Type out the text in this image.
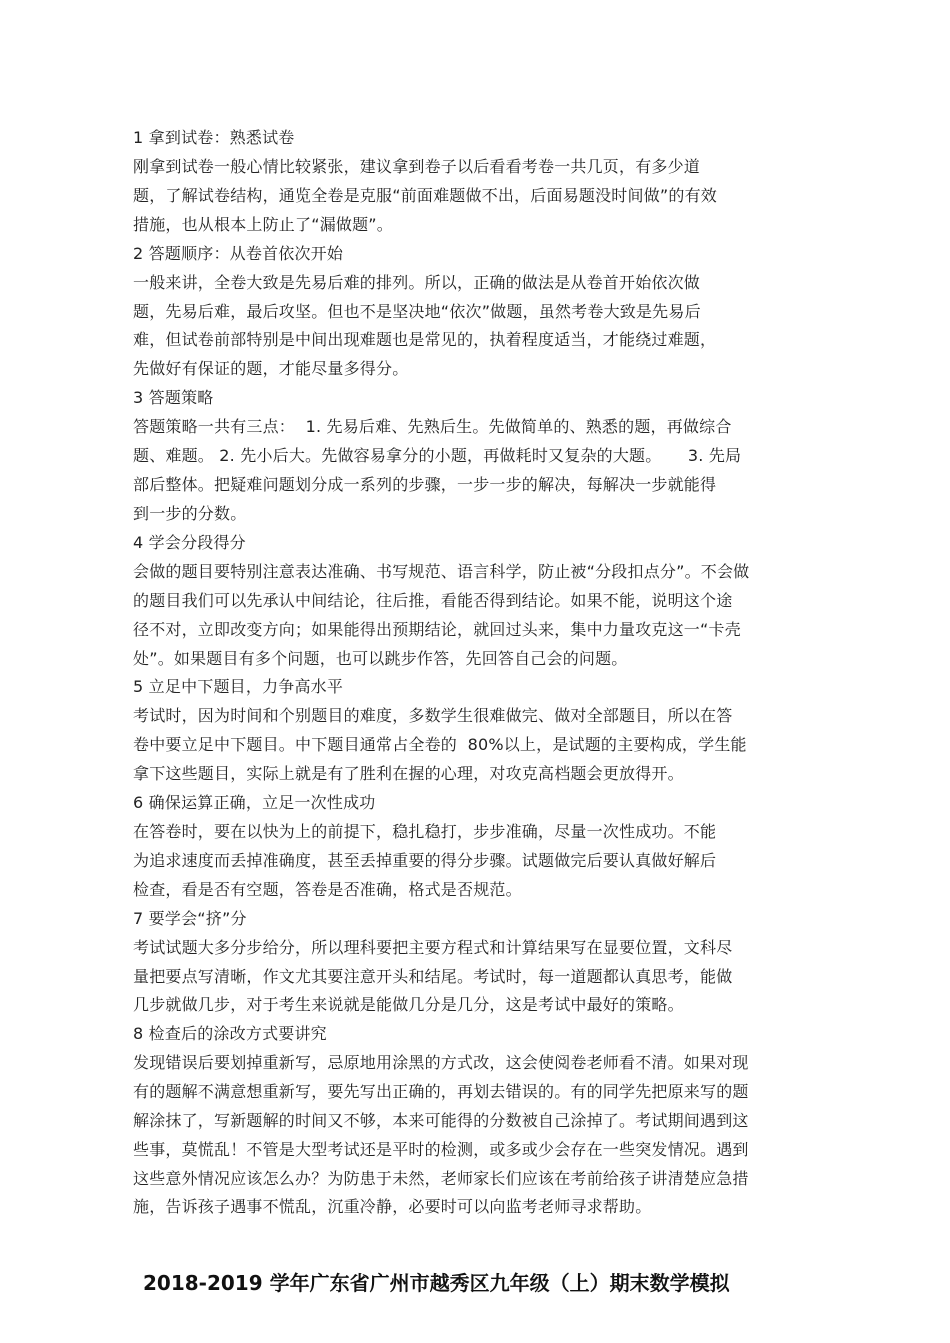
1 拿到试卷：熟悉试卷
刚拿到试卷一般心情比较紧张，建议拿到卷子以后看看考卷一共几页，有多少道
题，了解试卷结构，通览全卷是克服“前面难题做不出，后面易题没时间做”的有效
措施，也从根本上防止了“漏做题”。
2 答题顺序：从卷首依次开始
一般来讲，全卷大致是先易后难的排列。所以，正确的做法是从卷首开始依次做
题，先易后难，最后攻坚。但也不是坚决地“依次”做题，虽然考卷大致是先易后
难，但试卷前部特别是中间出现难题也是常见的，执着程度适当，才能绕过难题，
先做好有保证的题，才能尽量多得分。
3 答题策略
答题策略一共有三点：  1. 先易后难、先熟后生。先做简单的、熟悉的题，再做综合
题、难题。 2. 先小后大。先做容易拿分的小题，再做耗时又复杂的大题。     3. 先局
部后整体。把疑难问题划分成一系列的步骤，一步一步的解决，每解决一步就能得
到一步的分数。
4 学会分段得分
会做的题目要特别注意表达准确、书写规范、语言科学，防止被“分段扣点分”。不会做
的题目我们可以先承认中间结论，往后推，看能否得到结论。如果不能，说明这个途
径不对，立即改变方向；如果能得出预期结论，就回过头来，集中力量攻克这一“卡壳
处”。如果题目有多个问题，也可以跳步作答，先回答自己会的问题。
5 立足中下题目，力争高水平
考试时，因为时间和个别题目的难度，多数学生很难做完、做对全部题目，所以在答
卷中要立足中下题目。中下题目通常占全卷的  80%以上，是试题的主要构成，学生能
拿下这些题目，实际上就是有了胜利在握的心理，对攻克高档题会更放得开。
6 确保运算正确，立足一次性成功
在答卷时，要在以快为上的前提下，稳扎稳打，步步准确，尽量一次性成功。不能
为追求速度而丢掉准确度，甚至丢掉重要的得分步骤。试题做完后要认真做好解后
检查，看是否有空题，答卷是否准确，格式是否规范。
7 要学会“挤”分
考试试题大多分步给分，所以理科要把主要方程式和计算结果写在显要位置，文科尽
量把要点写清晰，作文尤其要注意开头和结尾。考试时，每一道题都认真思考，能做
几步就做几步，对于考生来说就是能做几分是几分，这是考试中最好的策略。
8 检查后的涂改方式要讲究
发现错误后要划掉重新写，忌原地用涂黑的方式改，这会使阅卷老师看不清。如果对现
有的题解不满意想重新写，要先写出正确的，再划去错误的。有的同学先把原来写的题
解涂抹了，写新题解的时间又不够，本来可能得的分数被自己涂掉了。考试期间遇到这
些事，莫慌乱！不管是大型考试还是平时的检测，或多或少会存在一些突发情况。遇到
这些意外情况应该怎么办？为防患于未然，老师家长们应该在考前给孩子讲清楚应急措
施，告诉孩子遇事不慌乱，沉重冷静，必要时可以向监考老师寻求帮助。
2018-2019 学年广东省广州市越秀区九年级（上）期末数学模拟
